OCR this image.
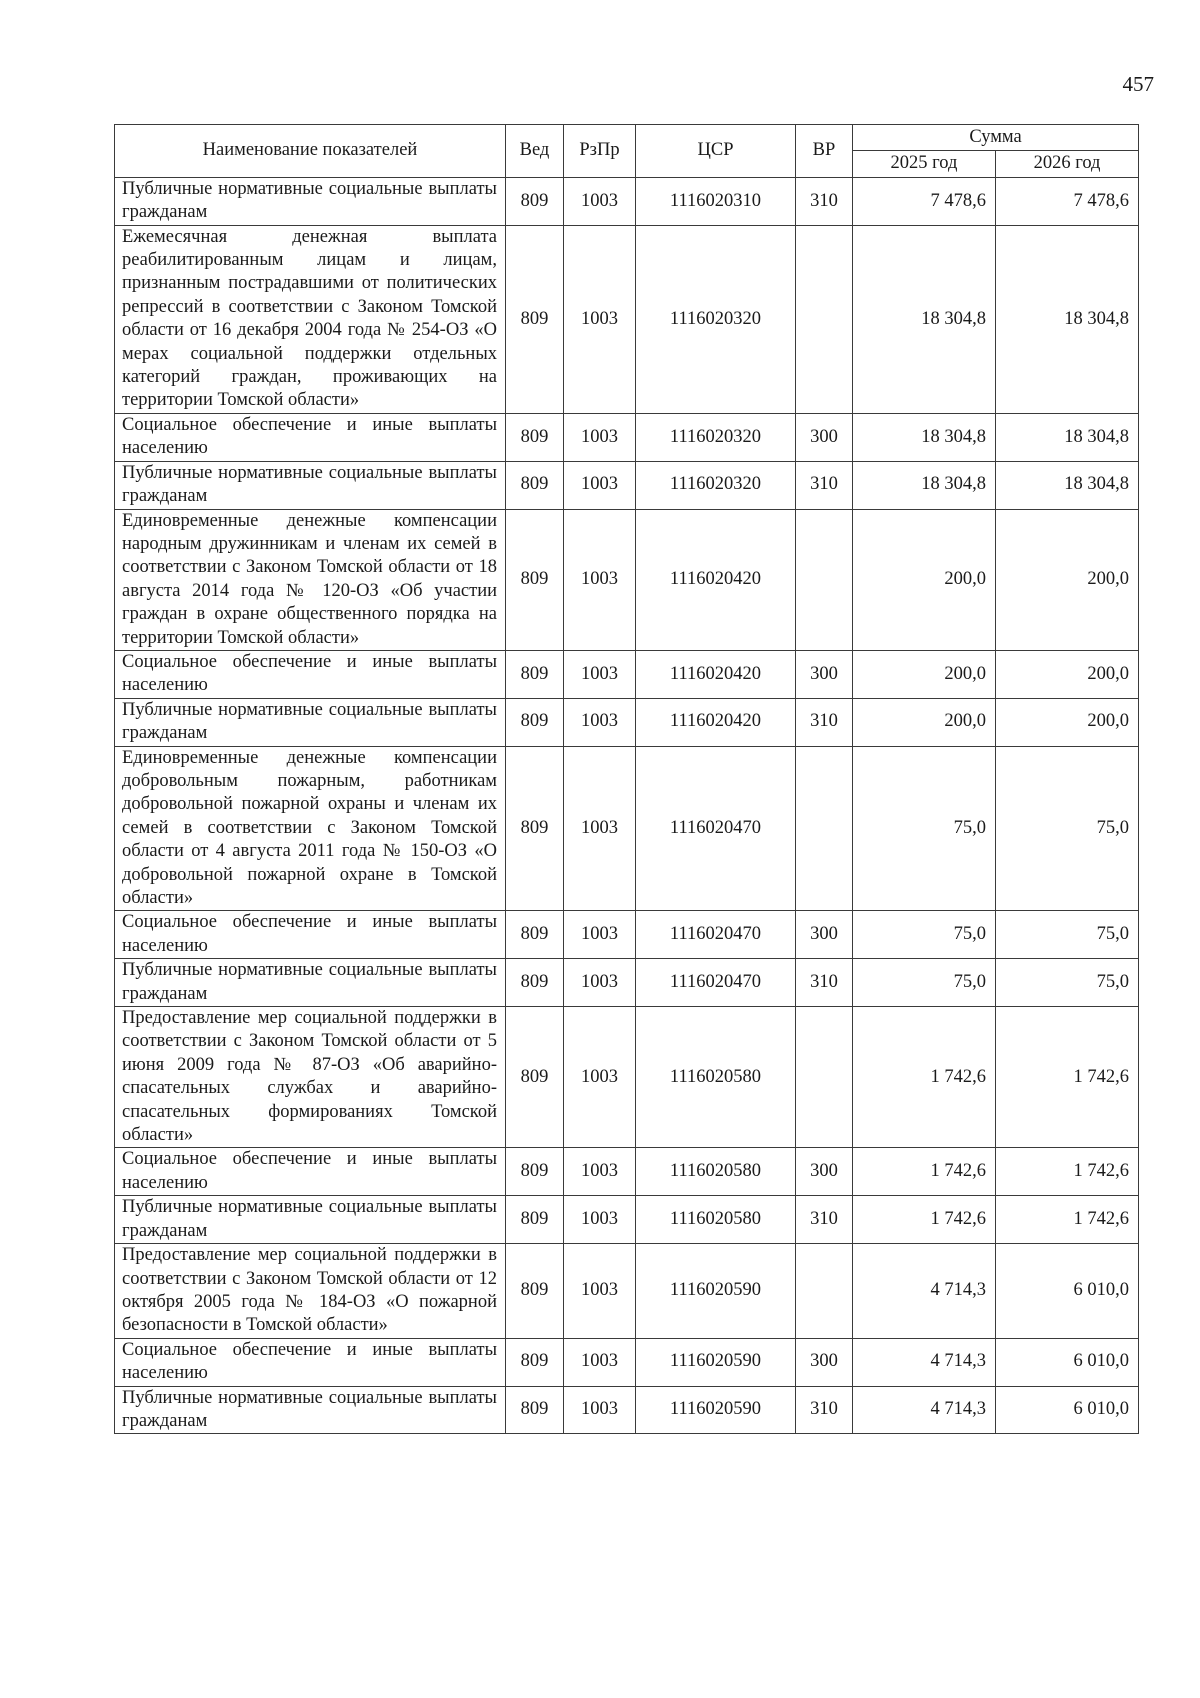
457
Наименование показателей	Вед	РзПр	ЦСР	ВР	Сумма	
					2025 год	2026 год
Публичные нормативные социальные выплаты гражданам	809	1003	1116020310	310	7 478,6	7 478,6
Ежемесячная денежная выплата реабилитированным лицам и лицам, признанным пострадавшими от политических репрессий в соответствии с Законом Томской области от 16 декабря 2004 года № 254-ОЗ «О мерах социальной поддержки отдельных категорий граждан, проживающих на территории Томской области»	809	1003	1116020320		18 304,8	18 304,8
Социальное обеспечение и иные выплаты населению	809	1003	1116020320	300	18 304,8	18 304,8
Публичные нормативные социальные выплаты гражданам	809	1003	1116020320	310	18 304,8	18 304,8
Единовременные денежные компенсации народным дружинникам и членам их семей в соответствии с Законом Томской области от 18 августа 2014 года № 120-ОЗ «Об участии граждан в охране общественного порядка на территории Томской области»	809	1003	1116020420		200,0	200,0
Социальное обеспечение и иные выплаты населению	809	1003	1116020420	300	200,0	200,0
Публичные нормативные социальные выплаты гражданам	809	1003	1116020420	310	200,0	200,0
Единовременные денежные компенсации добровольным пожарным, работникам добровольной пожарной охраны и членам их семей в соответствии с Законом Томской области от 4 августа 2011 года № 150-ОЗ «О добровольной пожарной охране в Томской области»	809	1003	1116020470		75,0	75,0
Социальное обеспечение и иные выплаты населению	809	1003	1116020470	300	75,0	75,0
Публичные нормативные социальные выплаты гражданам	809	1003	1116020470	310	75,0	75,0
Предоставление мер социальной поддержки в соответствии с Законом Томской области от 5 июня 2009 года № 87-ОЗ «Об аварийно-спасательных службах и аварийно-спасательных формированиях Томской области»	809	1003	1116020580		1 742,6	1 742,6
Социальное обеспечение и иные выплаты населению	809	1003	1116020580	300	1 742,6	1 742,6
Публичные нормативные социальные выплаты гражданам	809	1003	1116020580	310	1 742,6	1 742,6
Предоставление мер социальной поддержки в соответствии с Законом Томской области от 12 октября 2005 года № 184-ОЗ «О пожарной безопасности в Томской области»	809	1003	1116020590		4 714,3	6 010,0
Социальное обеспечение и иные выплаты населению	809	1003	1116020590	300	4 714,3	6 010,0
Публичные нормативные социальные выплаты гражданам	809	1003	1116020590	310	4 714,3	6 010,0
